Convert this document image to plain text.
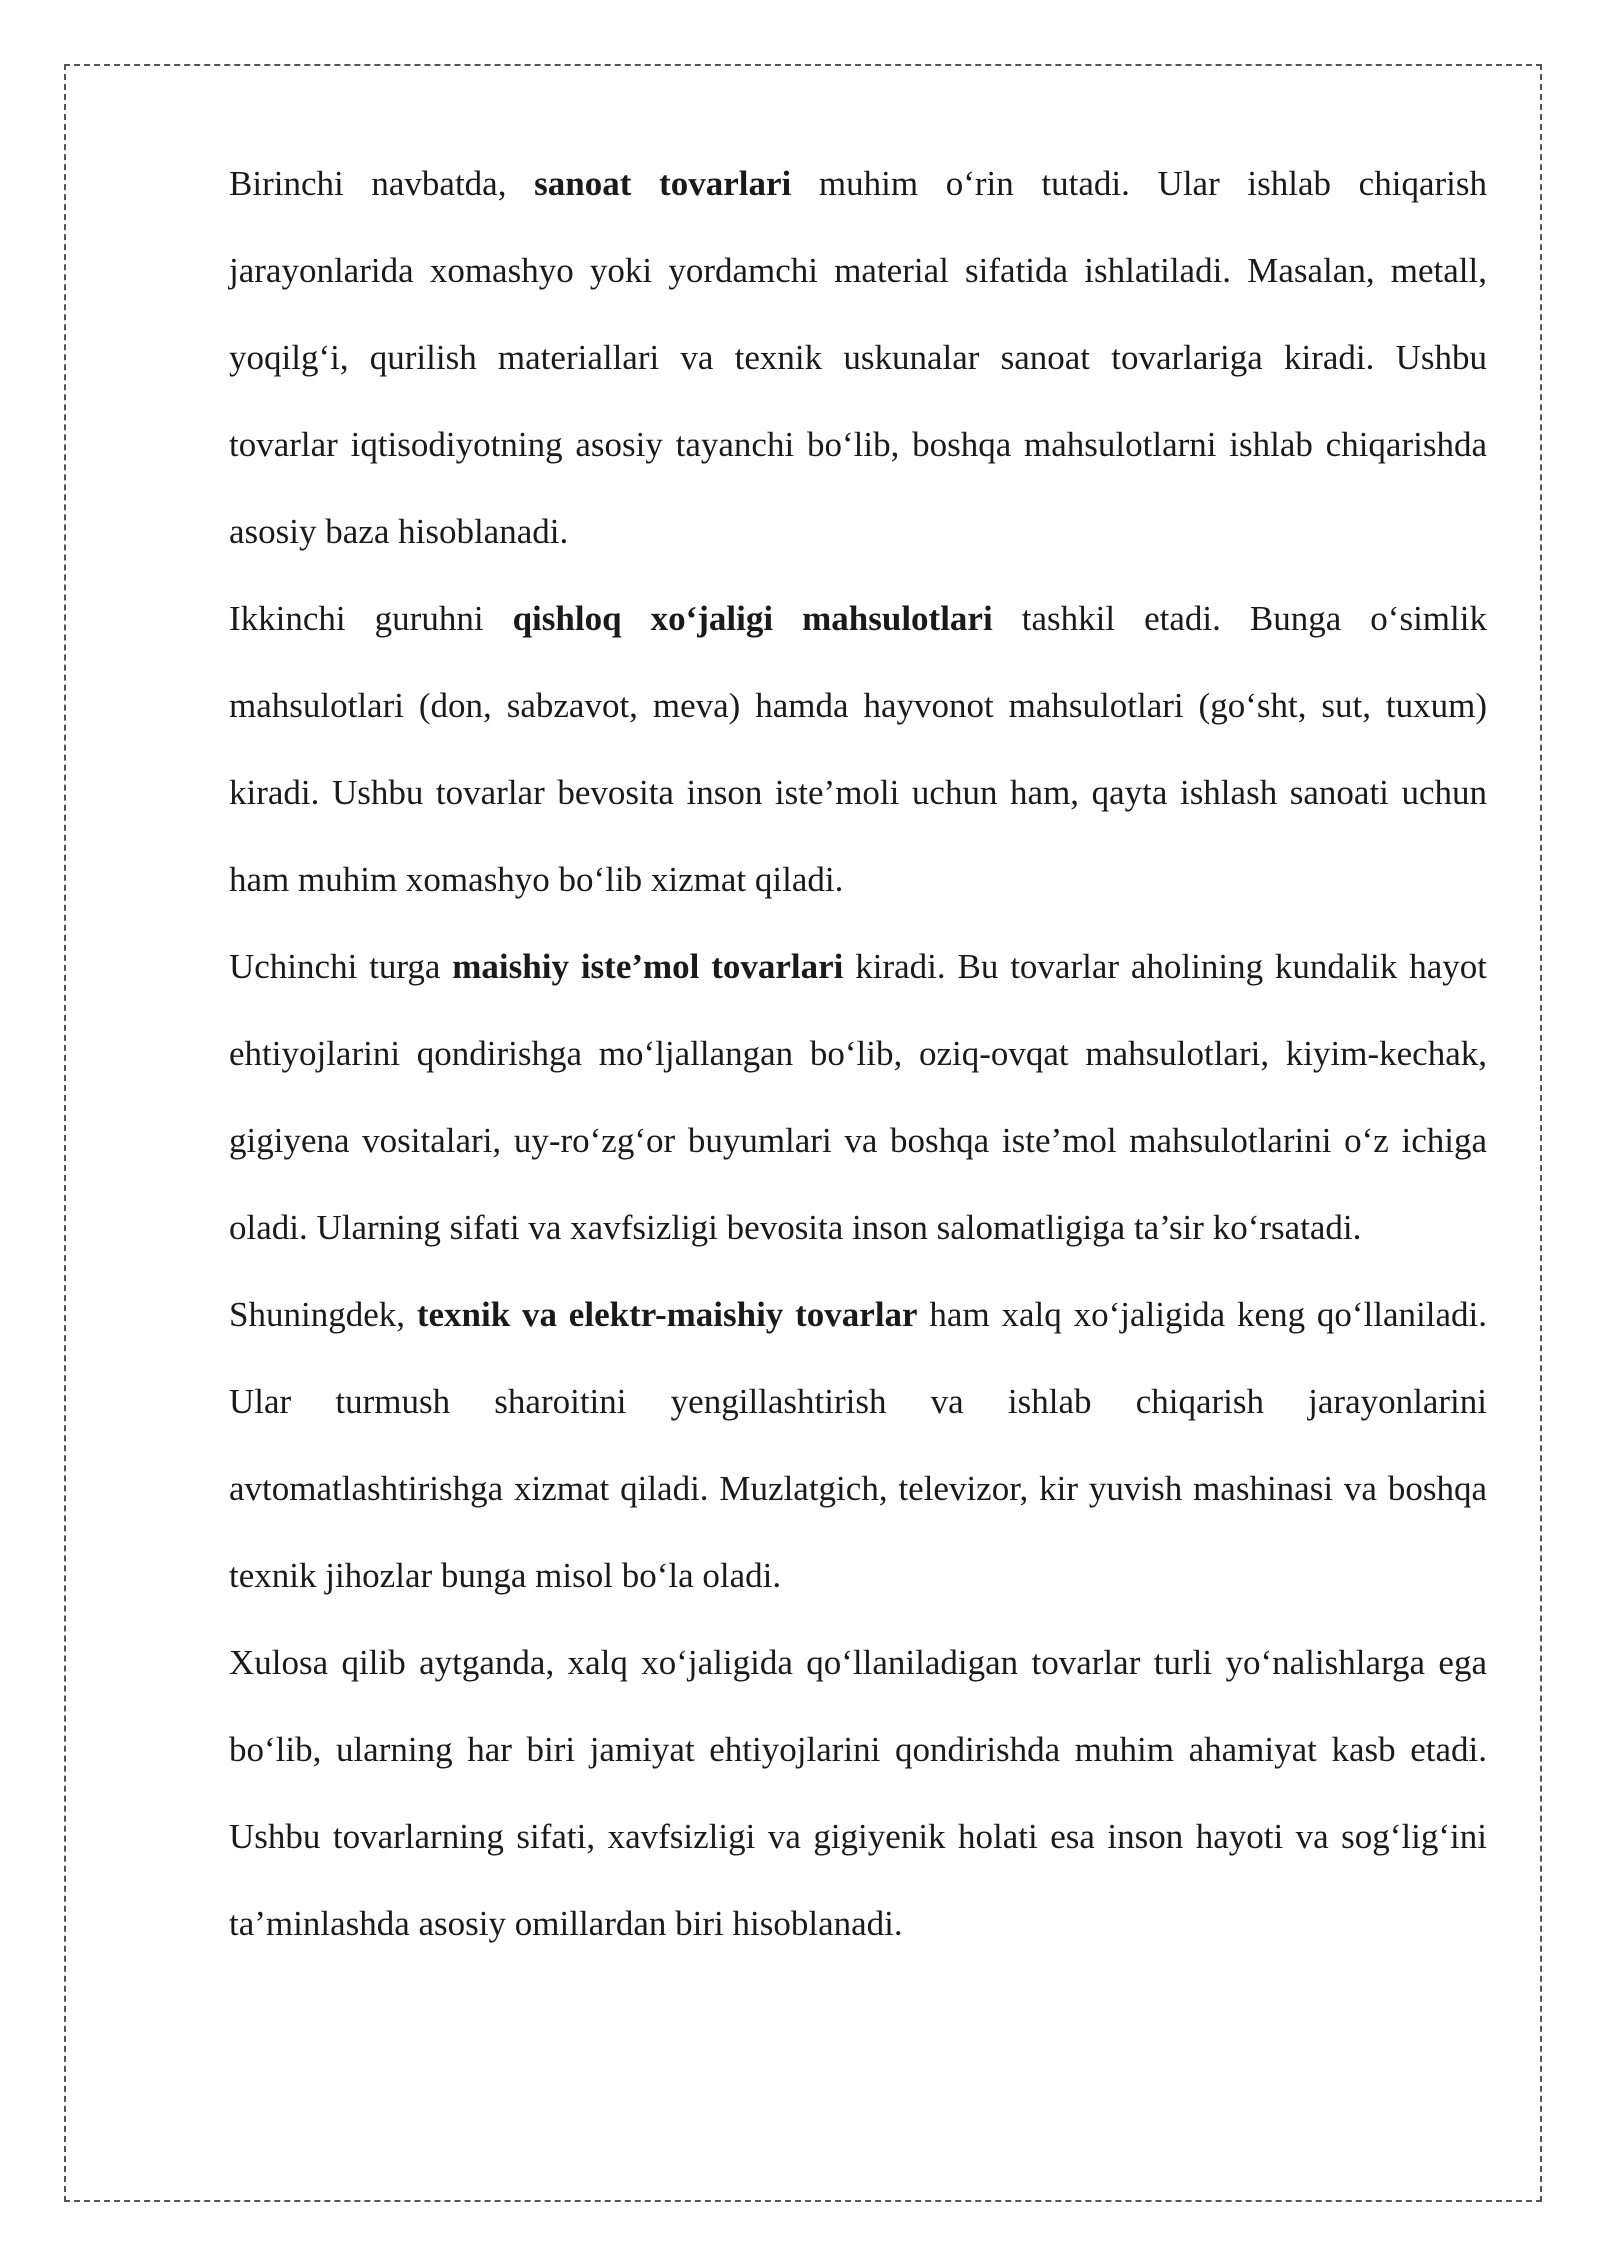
Birinchi navbatda, sanoat tovarlari muhim o‘rin tutadi. Ular ishlab chiqarish jarayonlarida xomashyo yoki yordamchi material sifatida ishlatiladi. Masalan, metall, yoqilg‘i, qurilish materiallari va texnik uskunalar sanoat tovarlariga kiradi. Ushbu tovarlar iqtisodiyotning asosiy tayanchi bo‘lib, boshqa mahsulotlarni ishlab chiqarishda asosiy baza hisoblanadi.

Ikkinchi guruhni qishloq xo‘jaligi mahsulotlari tashkil etadi. Bunga o‘simlik mahsulotlari (don, sabzavot, meva) hamda hayvonot mahsulotlari (go‘sht, sut, tuxum) kiradi. Ushbu tovarlar bevosita inson iste’moli uchun ham, qayta ishlash sanoati uchun ham muhim xomashyo bo‘lib xizmat qiladi.

Uchinchi turga maishiy iste’mol tovarlari kiradi. Bu tovarlar aholining kundalik hayot ehtiyojlarini qondirishga mo‘ljallangan bo‘lib, oziq-ovqat mahsulotlari, kiyim-kechak, gigiyena vositalari, uy-ro‘zg‘or buyumlari va boshqa iste’mol mahsulotlarini o‘z ichiga oladi. Ularning sifati va xavfsizligi bevosita inson salomatligiga ta’sir ko‘rsatadi.

Shuningdek, texnik va elektr-maishiy tovarlar ham xalq xo‘jaligida keng qo‘llaniladi. Ular turmush sharoitini yengillashtirish va ishlab chiqarish jarayonlarini avtomatlashtirishga xizmat qiladi. Muzlatgich, televizor, kir yuvish mashinasi va boshqa texnik jihozlar bunga misol bo‘la oladi.

Xulosa qilib aytganda, xalq xo‘jaligida qo‘llaniladigan tovarlar turli yo‘nalishlarga ega bo‘lib, ularning har biri jamiyat ehtiyojlarini qondirishda muhim ahamiyat kasb etadi. Ushbu tovarlarning sifati, xavfsizligi va gigiyenik holati esa inson hayoti va sog‘lig‘ini ta’minlashda asosiy omillardan biri hisoblanadi.
